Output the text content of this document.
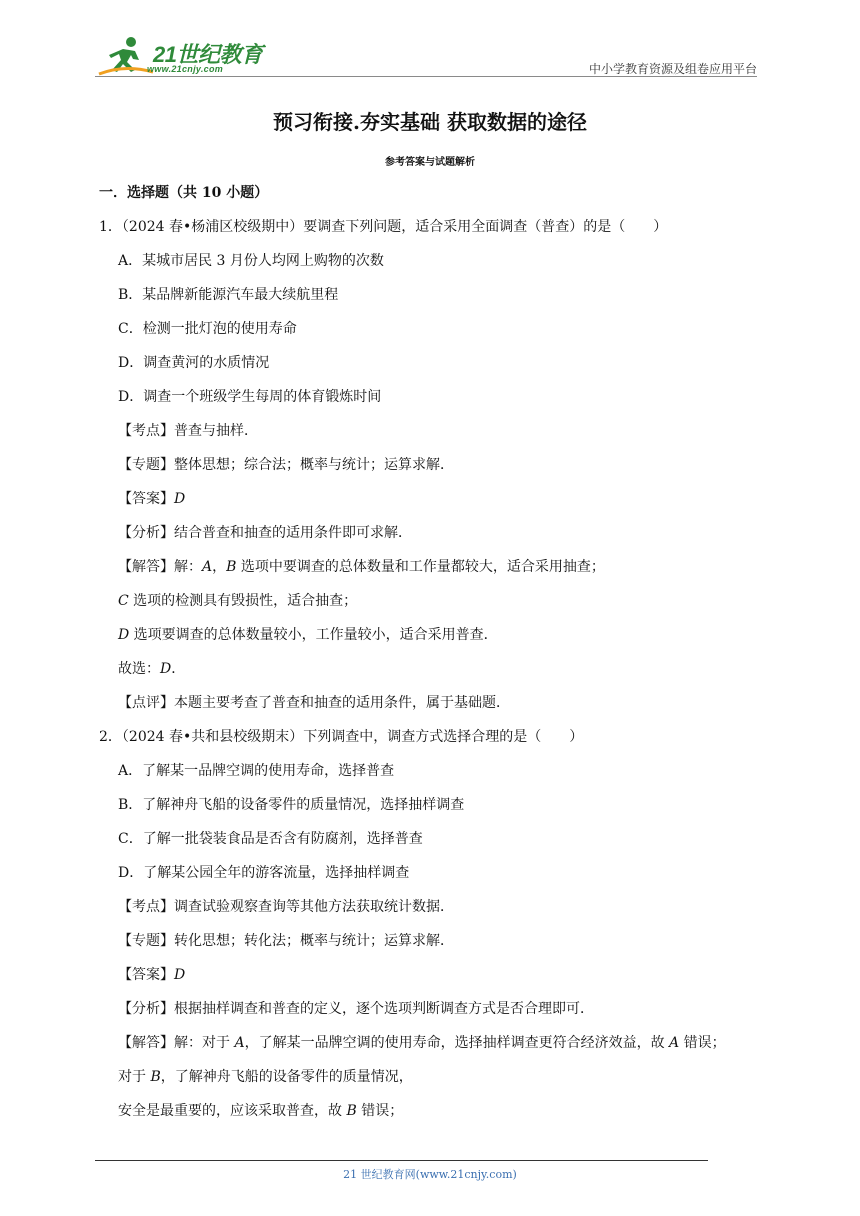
21世纪教育
www.21cnjy.com	中小学教育资源及组卷应用平台
预习衔接.夯实基础 获取数据的途径
参考答案与试题解析
一．选择题（共 10 小题）
1．（2024 春•杨浦区校级期中）要调查下列问题，适合采用全面调查（普查）的是（　　）
A．某城市居民 3 月份人均网上购物的次数
B．某品牌新能源汽车最大续航里程
C．检测一批灯泡的使用寿命
D．调查黄河的水质情况
D．调查一个班级学生每周的体育锻炼时间
【考点】普查与抽样．
【专题】整体思想；综合法；概率与统计；运算求解．
【答案】D
【分析】结合普查和抽查的适用条件即可求解．
【解答】解：A，B 选项中要调查的总体数量和工作量都较大，适合采用抽查；
C 选项的检测具有毁损性，适合抽查；
D 选项要调查的总体数量较小，工作量较小，适合采用普查．
故选：D．
【点评】本题主要考查了普查和抽查的适用条件，属于基础题．
2．（2024 春•共和县校级期末）下列调查中，调查方式选择合理的是（　　）
A．了解某一品牌空调的使用寿命，选择普查
B．了解神舟飞船的设备零件的质量情况，选择抽样调查
C．了解一批袋装食品是否含有防腐剂，选择普查
D．了解某公园全年的游客流量，选择抽样调查
【考点】调查试验观察查询等其他方法获取统计数据．
【专题】转化思想；转化法；概率与统计；运算求解．
【答案】D
【分析】根据抽样调查和普查的定义，逐个选项判断调查方式是否合理即可．
【解答】解：对于 A，了解某一品牌空调的使用寿命，选择抽样调查更符合经济效益，故 A 错误；
对于 B，了解神舟飞船的设备零件的质量情况，
安全是最重要的，应该采取普查，故 B 错误；
21 世纪教育网(www.21cnjy.com)
